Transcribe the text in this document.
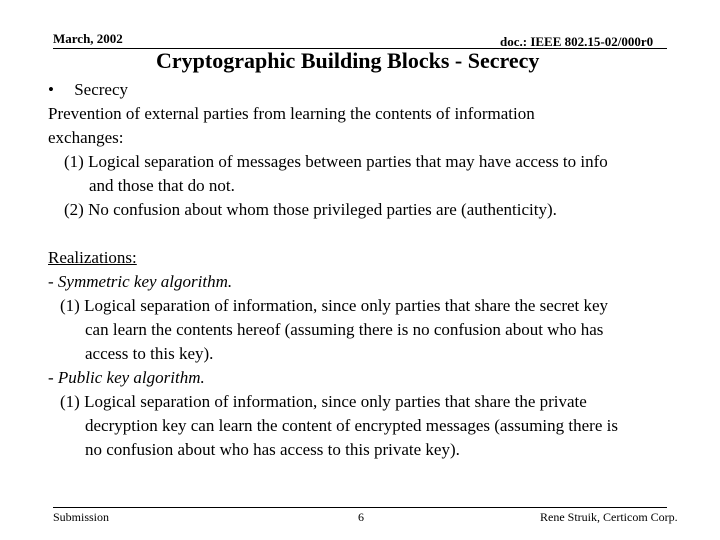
March, 2002	doc.: IEEE 802.15-02/000r0
Cryptographic Building Blocks - Secrecy
• Secrecy
Prevention of external parties from learning the contents of information
exchanges:
(1) Logical separation of messages between parties that may have access to info
and those that do not.
(2) No confusion about whom those privileged parties are (authenticity).
Realizations:
- Symmetric key algorithm.
(1) Logical separation of information, since only parties that share the secret key
can learn the contents hereof (assuming there is no confusion about who has
access to this key).
- Public key algorithm.
(1) Logical separation of information, since only parties that share the private
decryption key can learn the content of encrypted messages (assuming there is
no confusion about who has access to this private key).
Submission	6	Rene Struik, Certicom Corp.
